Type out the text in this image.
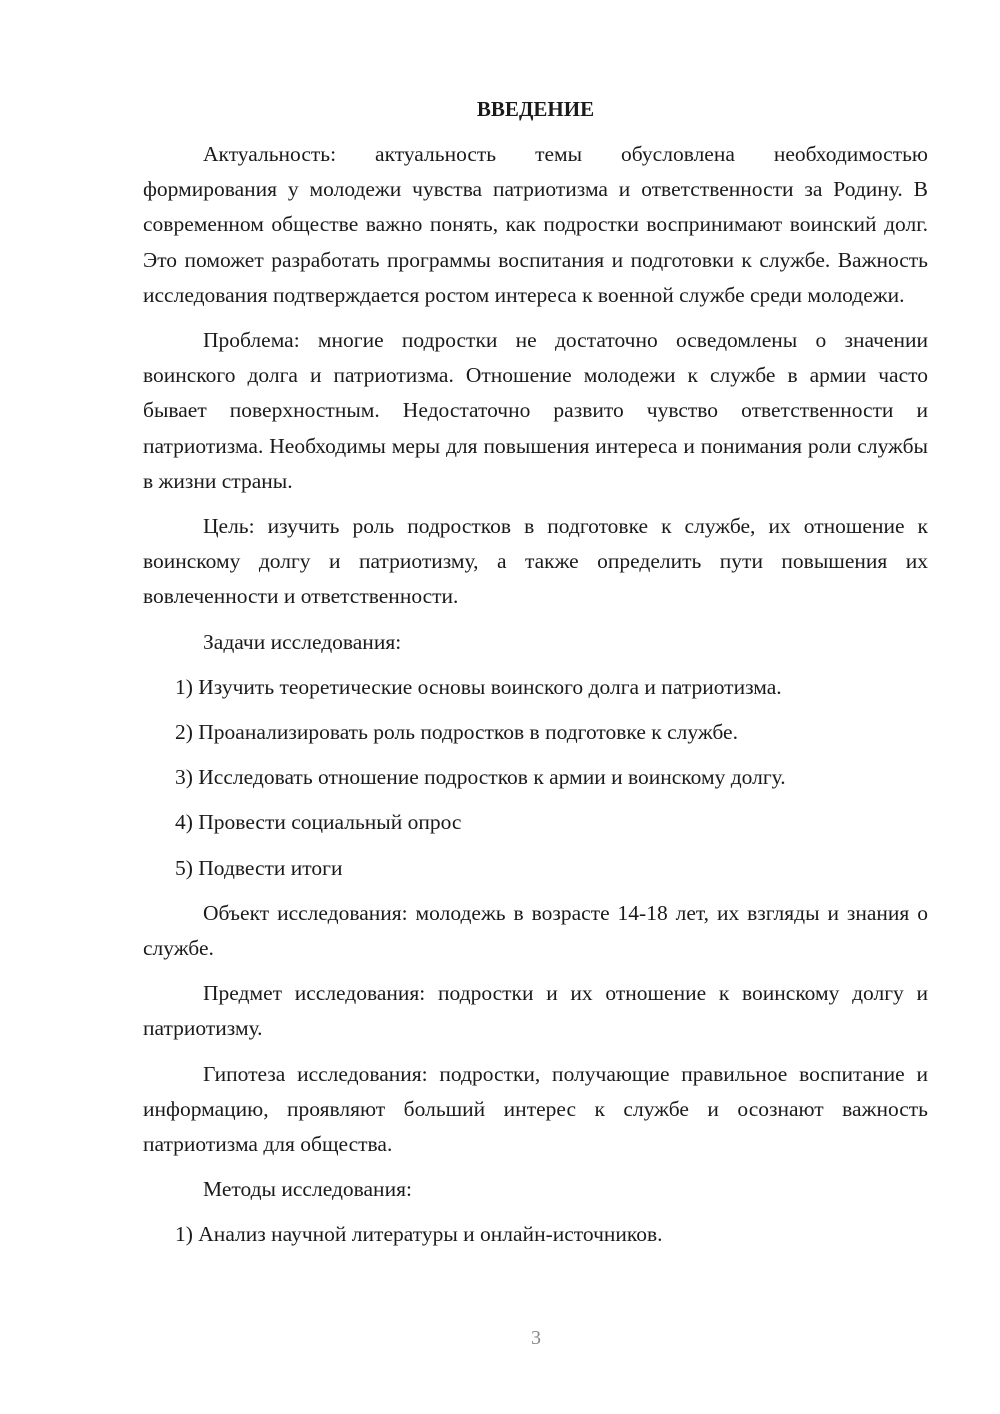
ВВЕДЕНИЕ
Актуальность: актуальность темы обусловлена необходимостью формирования у молодежи чувства патриотизма и ответственности за Родину. В современном обществе важно понять, как подростки воспринимают воинский долг. Это поможет разработать программы воспитания и подготовки к службе. Важность исследования подтверждается ростом интереса к военной службе среди молодежи.
Проблема: многие подростки не достаточно осведомлены о значении воинского долга и патриотизма. Отношение молодежи к службе в армии часто бывает поверхностным. Недостаточно развито чувство ответственности и патриотизма. Необходимы меры для повышения интереса и понимания роли службы в жизни страны.
Цель: изучить роль подростков в подготовке к службе, их отношение к воинскому долгу и патриотизму, а также определить пути повышения их вовлеченности и ответственности.
Задачи исследования:
1) Изучить теоретические основы воинского долга и патриотизма.
2) Проанализировать роль подростков в подготовке к службе.
3) Исследовать отношение подростков к армии и воинскому долгу.
4) Провести социальный опрос
5) Подвести итоги
Объект исследования: молодежь в возрасте 14-18 лет, их взгляды и знания о службе.
Предмет исследования: подростки и их отношение к воинскому долгу и патриотизму.
Гипотеза исследования: подростки, получающие правильное воспитание и информацию, проявляют больший интерес к службе и осознают важность патриотизма для общества.
Методы исследования:
1) Анализ научной литературы и онлайн-источников.
3
